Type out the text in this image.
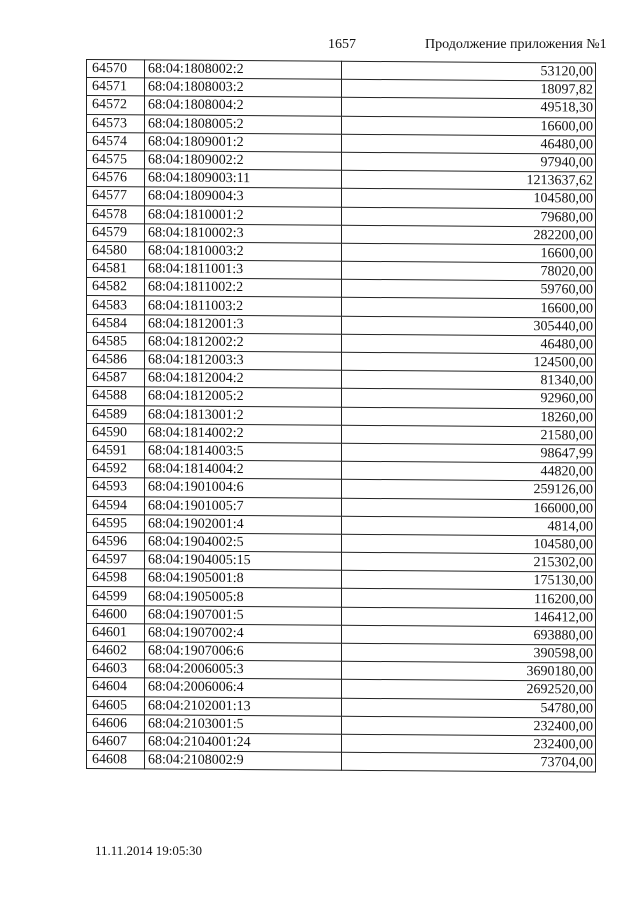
1657	Продолжение приложения №1
64570	68:04:1808002:2	53120,00
64571	68:04:1808003:2	18097,82
64572	68:04:1808004:2	49518,30
64573	68:04:1808005:2	16600,00
64574	68:04:1809001:2	46480,00
64575	68:04:1809002:2	97940,00
64576	68:04:1809003:11	1213637,62
64577	68:04:1809004:3	104580,00
64578	68:04:1810001:2	79680,00
64579	68:04:1810002:3	282200,00
64580	68:04:1810003:2	16600,00
64581	68:04:1811001:3	78020,00
64582	68:04:1811002:2	59760,00
64583	68:04:1811003:2	16600,00
64584	68:04:1812001:3	305440,00
64585	68:04:1812002:2	46480,00
64586	68:04:1812003:3	124500,00
64587	68:04:1812004:2	81340,00
64588	68:04:1812005:2	92960,00
64589	68:04:1813001:2	18260,00
64590	68:04:1814002:2	21580,00
64591	68:04:1814003:5	98647,99
64592	68:04:1814004:2	44820,00
64593	68:04:1901004:6	259126,00
64594	68:04:1901005:7	166000,00
64595	68:04:1902001:4	4814,00
64596	68:04:1904002:5	104580,00
64597	68:04:1904005:15	215302,00
64598	68:04:1905001:8	175130,00
64599	68:04:1905005:8	116200,00
64600	68:04:1907001:5	146412,00
64601	68:04:1907002:4	693880,00
64602	68:04:1907006:6	390598,00
64603	68:04:2006005:3	3690180,00
64604	68:04:2006006:4	2692520,00
64605	68:04:2102001:13	54780,00
64606	68:04:2103001:5	232400,00
64607	68:04:2104001:24	232400,00
64608	68:04:2108002:9	73704,00
11.11.2014 19:05:30
